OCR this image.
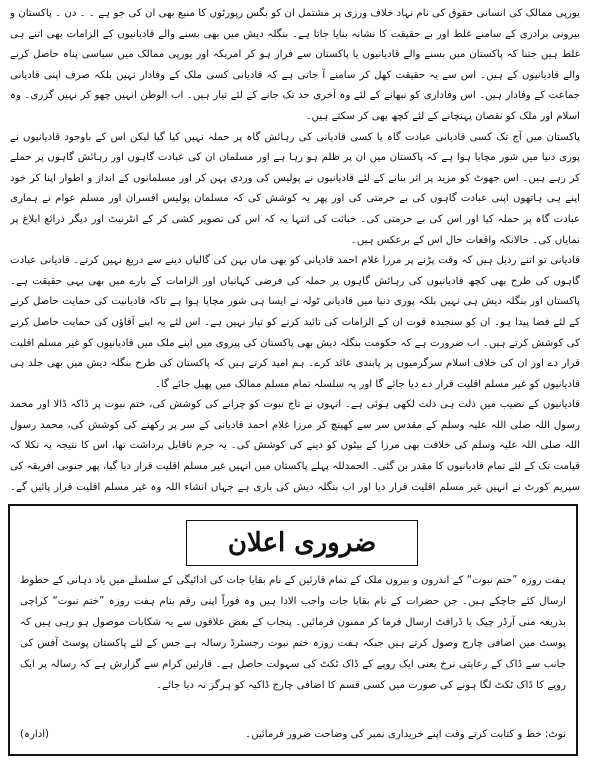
یورپی ممالک کی انسانی حقوق کی نام نہاد خلاف ورزی پر مشتمل ان کو بگس رپورٹوں کا منبع بھی ان کی جو ہے ۔ ۔ دن ۔ پاکستان و بیرونی برادری کے سامنے غلط اور بے حقیقت کا نشانہ بنایا جاتا ہے۔ بنگلہ دیش میں بھی بسنے والے قادیانیوں کے الزامات بھی اتنے ہی غلط ہیں جتنا کہ پاکستان میں بسنے والے قادیانیوں یا پاکستان سے فرار ہو کر امریکہ اور یورپی ممالک میں سیاسی پناہ حاصل کرنے والے قادیانیوں کے ہیں۔ اس سے یہ حقیقت کھل کر سامنے آ جاتی ہے کہ قادیانی کسی ملک کے وفادار نہیں بلکہ صرف اپنی قادیانی جماعت کے وفادار ہیں۔ اس وفاداری کو نبھانے کے لئے وہ آخری حد تک جانے کے لئے تیار ہیں۔ اب الوطن انہیں چھو کر نہیں گزری۔ وہ اسلام اور ملک کو نقصان پہنچانے کے لئے کچھ بھی کر سکتے ہیں۔

پاکستان میں آج تک کسی قادیانی عبادت گاہ یا کسی قادیانی کی رہائش گاہ پر حملہ نہیں کیا گیا لیکن اس کے باوجود قادیانیوں نے پوری دنیا میں شور مچایا ہوا ہے کہ پاکستان میں ان پر ظلم ہو رہا ہے اور مسلمان ان کی عبادت گاہوں اور رہائش گاہوں پر حملے کر رہے ہیں۔ اس جھوٹ کو مزید پر اثر بنانے کے لئے قادیانیوں نے پولیس کی وردی پہن کر اور مسلمانوں کے انداز و اطوار اپنا کر خود اپنے ہی ہاتھوں اپنی عبادت گاہوں کی بے حرمتی کی اور پھر یہ کوشش کی کہ مسلمان پولیس افسران اور مسلم عوام نے ہماری عبادت گاہ پر حملہ کیا اور اس کی بے حرمتی کی۔ خباثت کی انتہا یہ کہ اس کی تصویر کشی کر کے انٹرنیٹ اور دیگر ذرائع ابلاغ پر نمایاں کی۔ حالانکہ واقعات حال اس کے برعکس ہیں۔

قادیانی تو اتنے رذیل ہیں کہ وقت پڑنے پر مرزا غلام احمد قادیانی کو بھی ماں بہن کی گالیاں دینے سے دریغ نہیں کرتے۔ قادیانی عبادت گاہوں کی طرح بھی کچھ قادیانیوں کی رہائش گاہوں پر حملہ کی فرضی کہانیاں اور الزامات کے بارے میں بھی یہی حقیقت ہے۔ پاکستان اور بنگلہ دیش ہی نہیں بلکہ پوری دنیا میں قادیانی ٹولہ نے ایسا ہی شور مچایا ہوا ہے تاکہ قادیانیت کی حمایت حاصل کرنے کے لئے فضا پیدا ہو۔ ان کو سنجیدہ قوت ان کے الزامات کی تائید کرنے کو تیار نہیں ہے۔ اس لئے یہ اپنے آقاؤں کی حمایت حاصل کرنے کی کوشش کرتے ہیں۔ اب ضرورت ہے کہ حکومت بنگلہ دیش بھی پاکستان کی پیروی میں اپنے ملک میں قادیانیوں کو غیر مسلم اقلیت قرار دے اور ان کی خلاف اسلام سرگرمیوں پر پابندی عائد کرے۔ ہم امید کرتے ہیں کہ پاکستان کی طرح بنگلہ دیش میں بھی جلد ہی قادیانیوں کو غیر مسلم اقلیت قرار دے دیا جائے گا اور یہ سلسلہ تمام مسلم ممالک میں پھیل جائے گا۔

قادیانیوں کے نصیب میں ذلت ہی ذلت لکھی ہوئی ہے۔ انہوں نے تاج نبوت کو چرانے کی کوشش کی، ختم نبوت پر ڈاکہ ڈالا اور محمد رسول اللہ صلی اللہ علیہ وسلم کے مقدس سر سے کھینچ کر مرزا غلام احمد قادیانی کے سر پر رکھنے کی کوشش کی، محمد رسول اللہ صلی اللہ علیہ وسلم کی خلافت بھی مرزا کے بیٹوں کو دینے کی کوشش کی۔ یہ جرم ناقابل برداشت تھا، اس کا نتیجہ یہ نکلا کہ قیامت تک کے لئے تمام قادیانیوں کا مقدر بن گئی۔ الحمدللہ پہلے پاکستان میں انہیں غیر مسلم اقلیت قرار دیا گیا، پھر جنوبی افریقہ کی سپریم کورٹ نے انہیں غیر مسلم اقلیت قرار دیا اور اب بنگلہ دیش کی باری ہے جہاں انشاء اللہ وہ غیر مسلم اقلیت قرار پائیں گے۔

ضروری اعلان

ہفت روزہ ”ختم نبوت“ کے اندرون و بیرون ملک کے تمام قارئین کے نام بقایا جات کی ادائیگی کے سلسلے میں یاد دہانی کے خطوط ارسال کئے جاچکے ہیں۔ جن حضرات کے نام بقایا جات واجب الادا ہیں وہ فوراً اپنی رقم بنام ہفت روزہ ”ختم نبوت“ کراچی بذریعہ منی آرڈر چیک یا ڈرافٹ ارسال فرما کر ممنون فرمائیں۔ پنجاب کے بعض علاقوں سے یہ شکایات موصول ہو رہی ہیں کہ پوسٹ مین اضافی چارج وصول کرتے ہیں جبکہ ہفت روزہ ختم نبوت رجسٹرڈ رسالہ ہے جس کے لئے پاکستان پوسٹ آفس کی جانب سے ڈاک کے رعایتی نرخ یعنی ایک روپے کے ڈاک ٹکٹ کی سہولت حاصل ہے۔ قارئین کرام سے گزارش ہے کہ رسالہ پر ایک روپے کا ڈاک ٹکٹ لگا ہونے کی صورت میں کسی قسم کا اضافی چارج ڈاکیہ کو ہرگز نہ دیا جائے۔

نوٹ: خط و کتابت کرتے وقت اپنے خریداری نمبر کی وضاحت ضرور فرمائیں۔
(ادارہ)
